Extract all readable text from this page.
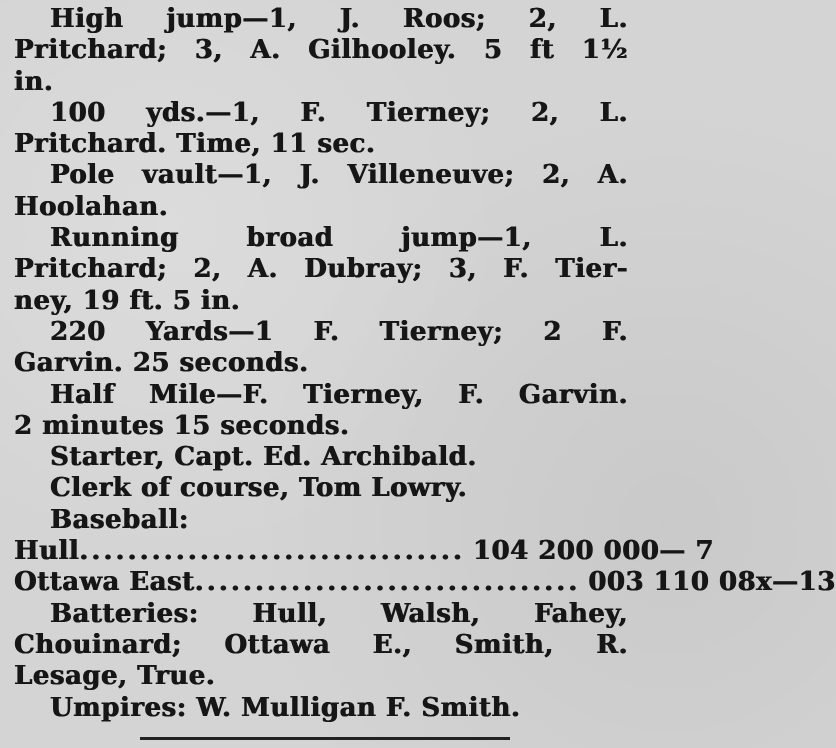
High jump—1, J. Roos; 2, L.
Pritchard; 3, A. Gilhooley. 5 ft 1½
in.
100 yds.—1, F. Tierney; 2, L.
Pritchard. Time, 11 sec.
Pole vault—1, J. Villeneuve; 2, A.
Hoolahan.
Running broad jump—1, L.
Pritchard; 2, A. Dubray; 3, F. Tier-
ney, 19 ft. 5 in.
220 Yards—1 F. Tierney; 2 F.
Garvin. 25 seconds.
Half Mile—F. Tierney, F. Garvin.
2 minutes 15 seconds.
Starter, Capt. Ed. Archibald.
Clerk of course, Tom Lowry.
Baseball:
Hull ................................ 104 200 000— 7
Ottawa East ................................ 003 110 08x—13
Batteries: Hull, Walsh, Fahey,
Chouinard; Ottawa E., Smith, R.
Lesage, True.
Umpires: W. Mulligan F. Smith.
